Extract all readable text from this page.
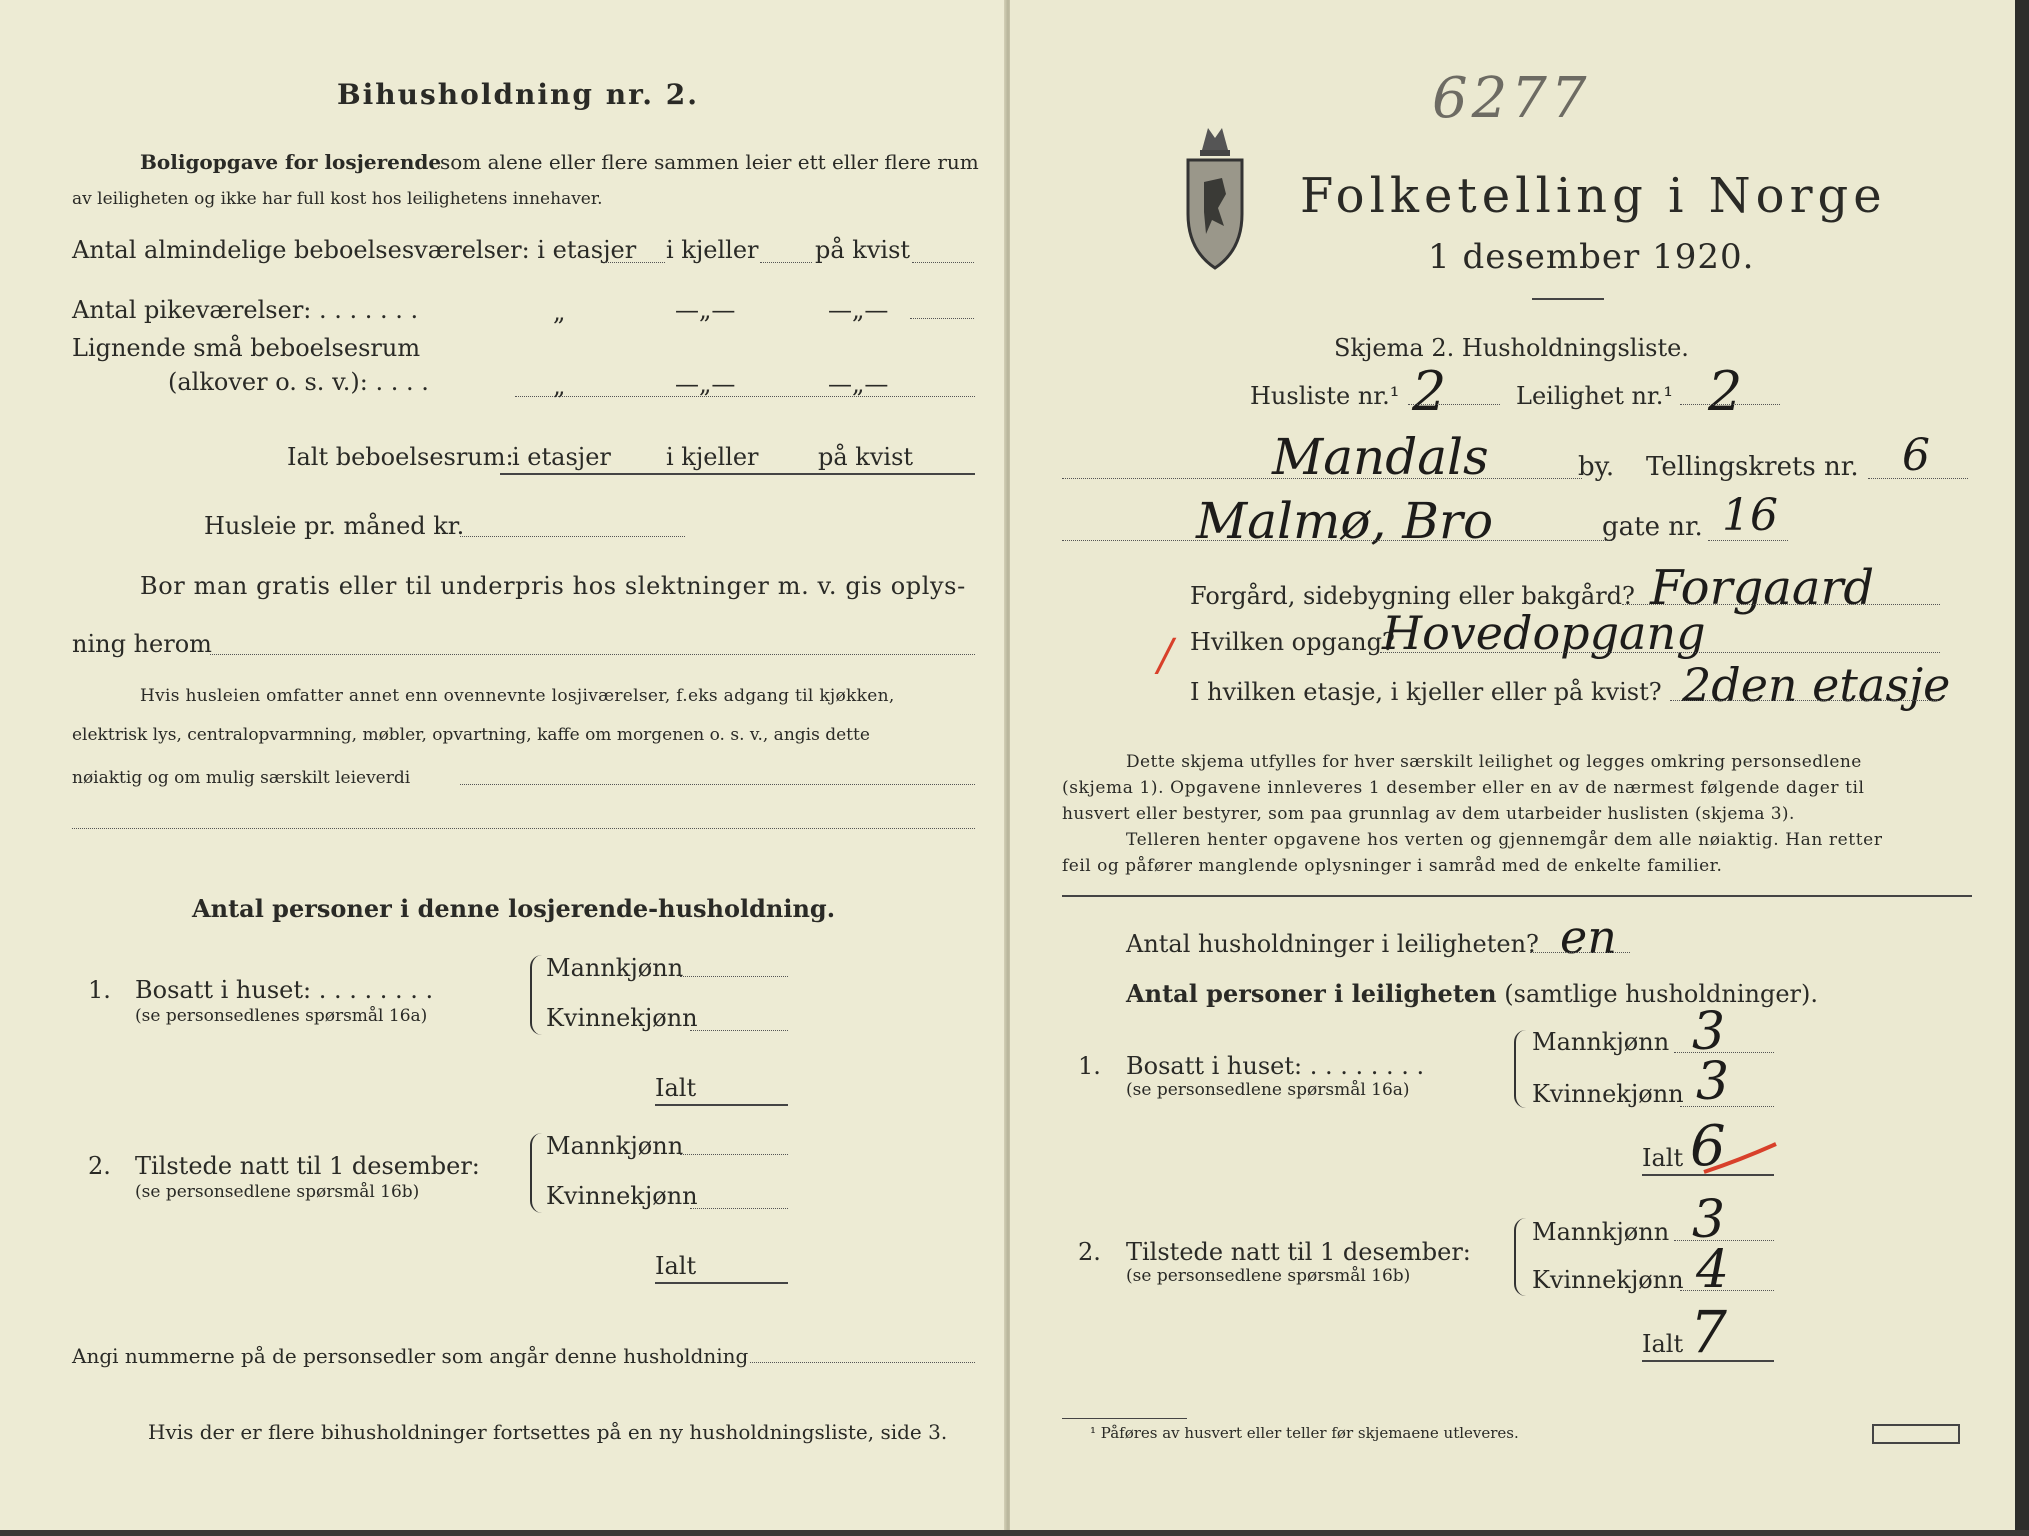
Bihusholdning nr. 2.
Boligopgave for losjerende
som alene eller flere sammen leier ett eller flere rum
av leiligheten og ikke har full kost hos leilighetens innehaver.
Antal almindelige beboelsesværelser: i etasjer i kjeller på kvist
Antal pikeværelser: . . . . . . .	„	—„—	—„—
Lignende små beboelsesrum
(alkover o. s. v.): . . . .	„	—„—	—„—
Ialt beboelsesrum:
i etasjer i kjeller på kvist
Husleie pr. måned kr.
Bor man gratis eller til underpris hos slektninger m. v. gis oplys-
ning herom
Hvis husleien omfatter annet enn ovennevnte losjiværelser, f.eks adgang til kjøkken,
elektrisk lys, centralopvarmning, møbler, opvartning, kaffe om morgenen o. s. v., angis dette
nøiaktig og om mulig særskilt leieverdi
Antal personer i denne losjerende-husholdning.
1. Bosatt i huset: . . . . . . . .
(se personsedlenes spørsmål 16a)
Mannkjønn
Kvinnekjønn
Ialt
2. Tilstede natt til 1 desember:
(se personsedlene spørsmål 16b)
Mannkjønn
Kvinnekjønn
Ialt
Angi nummerne på de personsedler som angår denne husholdning
Hvis der er flere bihusholdninger fortsettes på en ny husholdningsliste, side 3.
6277
Folketelling i Norge
1 desember 1920.
Skjema 2. Husholdningsliste.
Husliste nr.¹ 2	Leilighet nr.¹ 2
Mandals	by. Tellingskrets nr. 6
Malmø, Bro	gate nr. 16
Forgård, sidebygning eller bakgård? Forgaard
/ Hvilken opgang?
Hovedopgang
I hvilken etasje, i kjeller eller på kvist? 2den etasje
Dette skjema utfylles for hver særskilt leilighet og legges omkring personsedlene
(skjema 1). Opgavene innleveres 1 desember eller en av de nærmest følgende dager til
husvert eller bestyrer, som paa grunnlag av dem utarbeider huslisten (skjema 3).
Telleren henter opgavene hos verten og gjennemgår dem alle nøiaktig. Han retter
feil og påfører manglende oplysninger i samråd med de enkelte familier.
Antal husholdninger i leiligheten? en
Antal personer i leiligheten (samtlige husholdninger).
1. Bosatt i huset: . . . . . . . .
(se personsedlene spørsmål 16a)
Mannkjønn 3
Kvinnekjønn 3
Ialt 6
2. Tilstede natt til 1 desember:
(se personsedlene spørsmål 16b)
Mannkjønn 3
Kvinnekjønn 4
Ialt 7
¹ Påføres av husvert eller teller før skjemaene utleveres.
